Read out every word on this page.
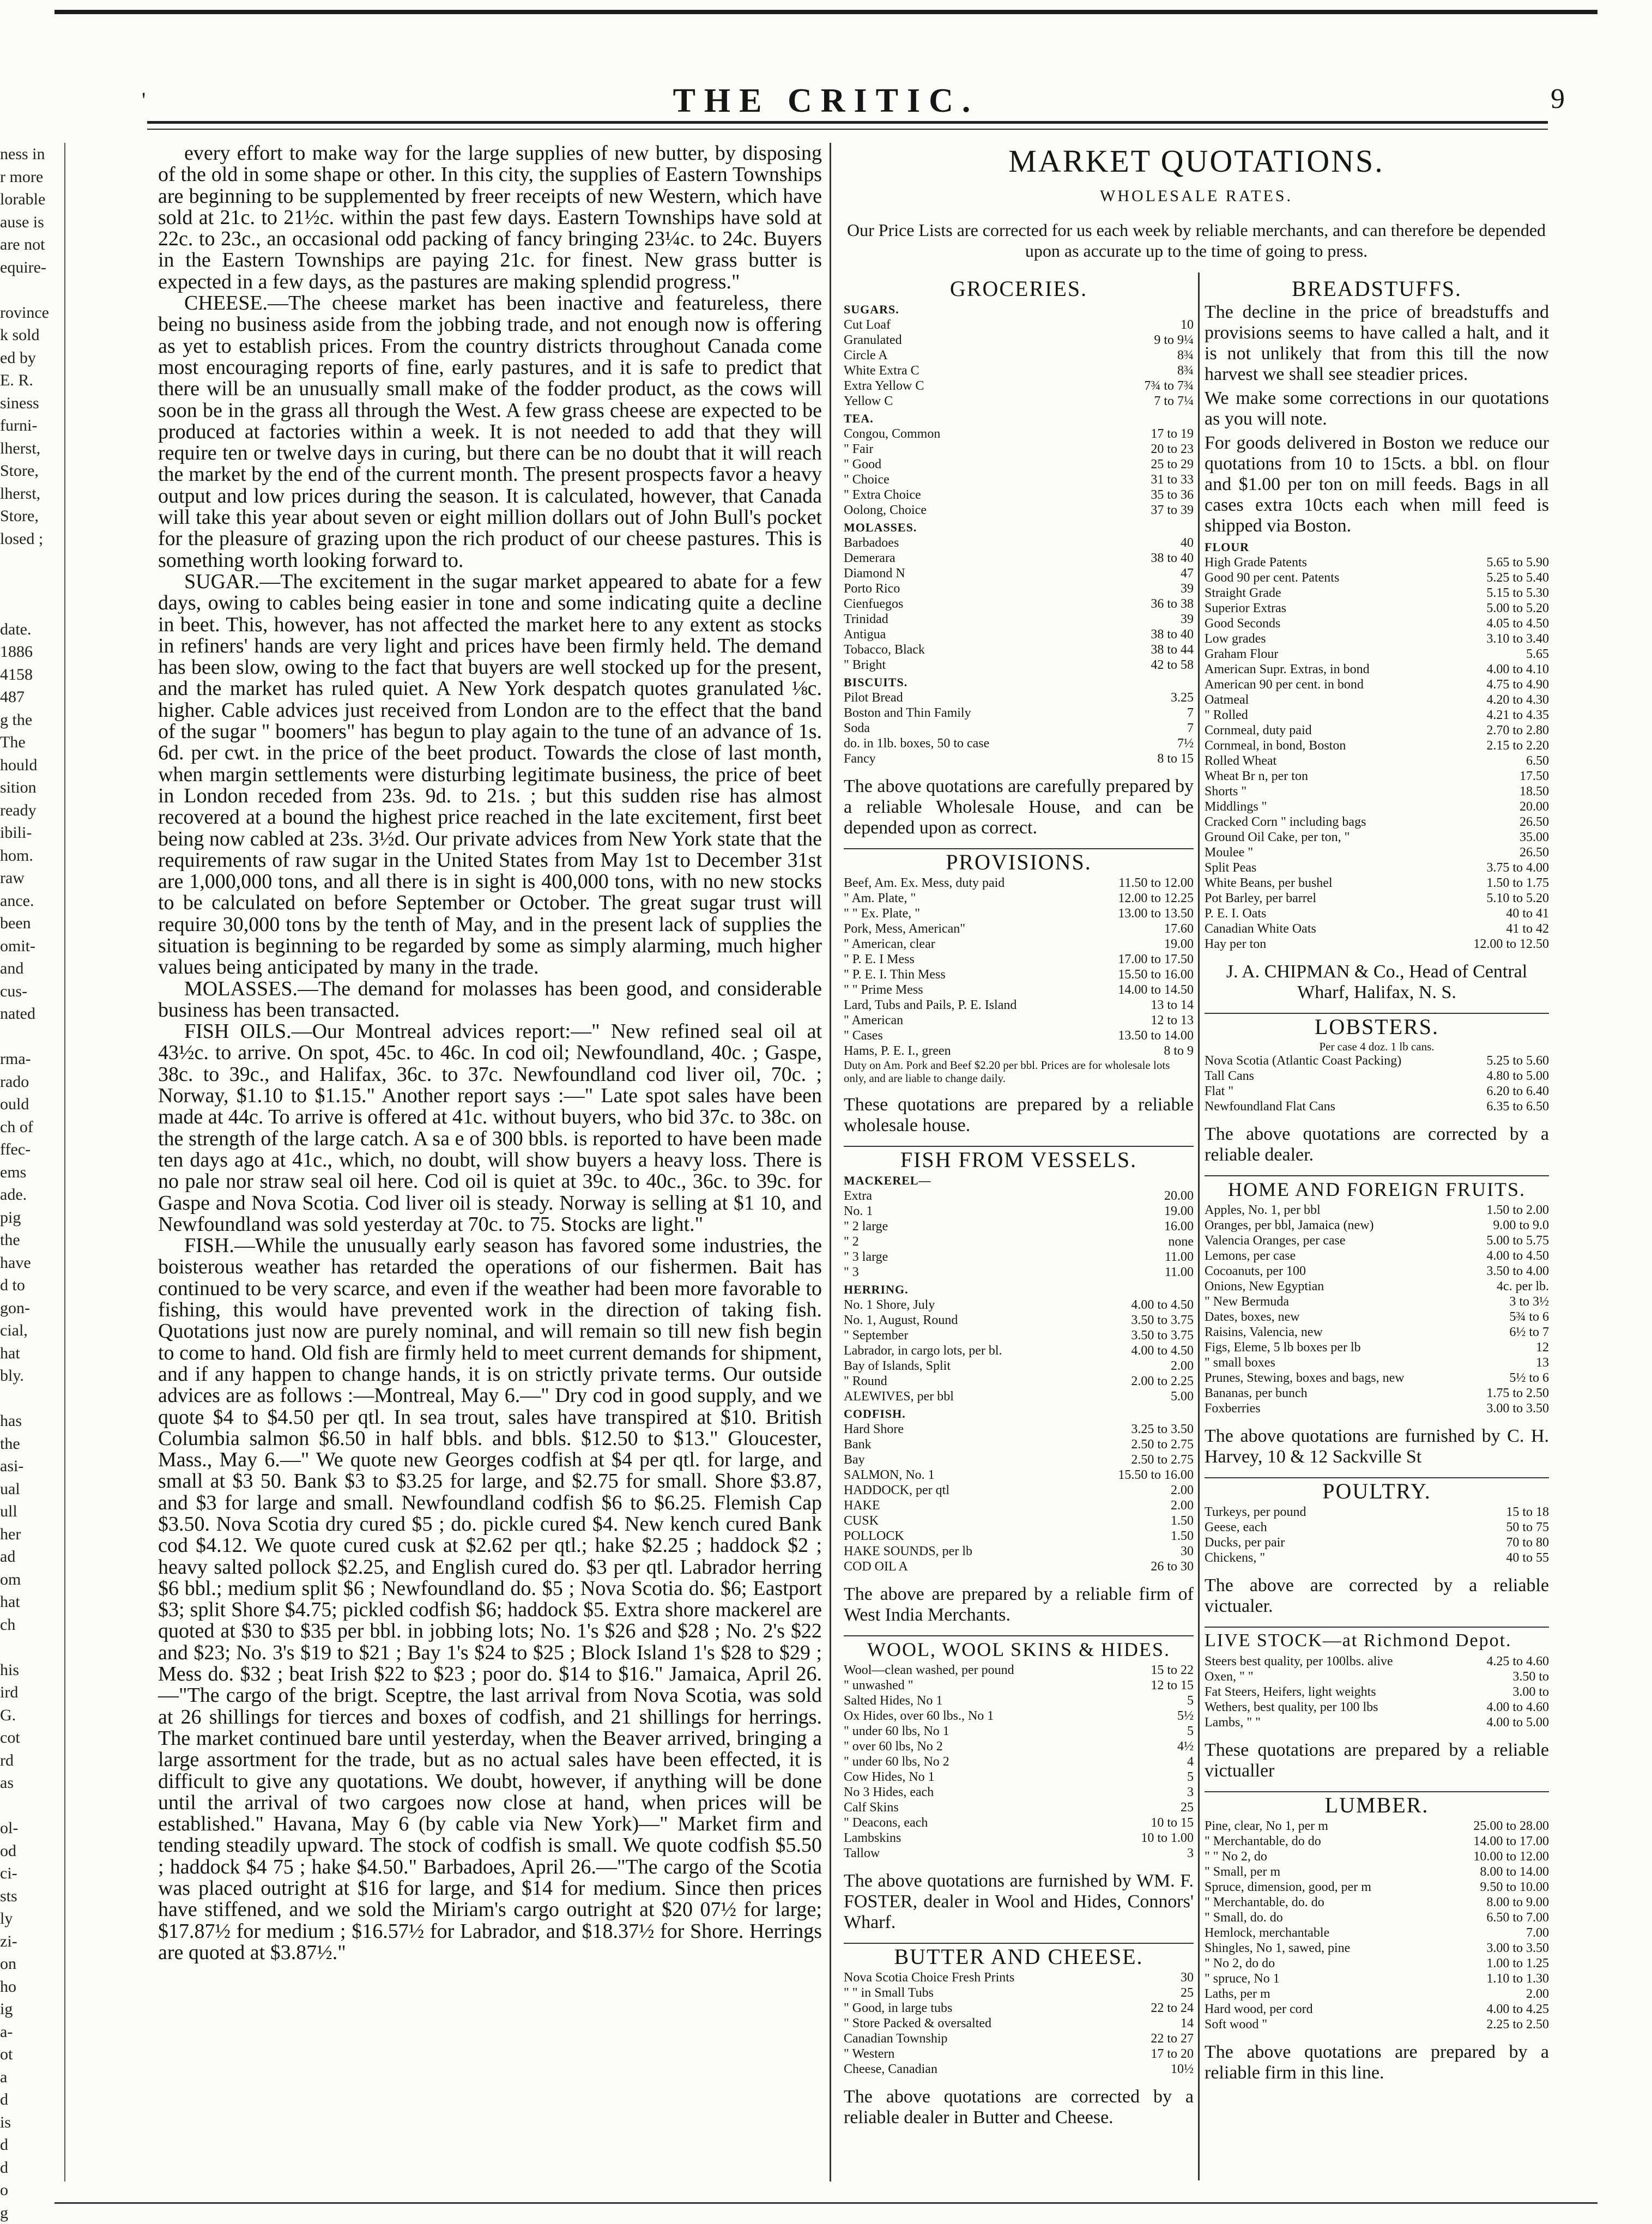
THE CRITIC.
'	9
ness in
r more
lorable
ause is
are not
equire-

rovince
k sold
ed by
E. R.
siness
furni-
lherst,
Store,
lherst,
Store,
losed ;

date.
1886
4158
487
g the
The
hould
sition
ready
ibili-
hom.
raw
ance.
been
omit-
and
cus-
nated

rma-
rado
ould
ch of
ffec-
ems
ade.
pig
the
have
d to
gon-
cial,
hat
bly.

has
the
asi-
ual
ull
her
ad
om
hat
ch

his
ird
G.
cot
rd
as

ol-
od
ci-
sts
ly
zi-
on
ho
ig
a-
ot
a
d
is
d
d
o
g

every effort to make way for the large supplies of new butter, by disposing of the old in some shape or other. In this city, the supplies of Eastern Townships are beginning to be supplemented by freer receipts of new Western, which have sold at 21c. to 21½c. within the past few days. Eastern Townships have sold at 22c. to 23c., an occasional odd packing of fancy bringing 23¼c. to 24c. Buyers in the Eastern Townships are paying 21c. for finest. New grass butter is expected in a few days, as the pastures are making splendid progress."

CHEESE.—The cheese market has been inactive and featureless, there being no business aside from the jobbing trade, and not enough now is offering as yet to establish prices. From the country districts throughout Canada come most encouraging reports of fine, early pastures, and it is safe to predict that there will be an unusually small make of the fodder product, as the cows will soon be in the grass all through the West. A few grass cheese are expected to be produced at factories within a week. It is not needed to add that they will require ten or twelve days in curing, but there can be no doubt that it will reach the market by the end of the current month. The present prospects favor a heavy output and low prices during the season. It is calculated, however, that Canada will take this year about seven or eight million dollars out of John Bull's pocket for the pleasure of grazing upon the rich product of our cheese pastures. This is something worth looking forward to.

SUGAR.—The excitement in the sugar market appeared to abate for a few days, owing to cables being easier in tone and some indicating quite a decline in beet. This, however, has not affected the market here to any extent as stocks in refiners' hands are very light and prices have been firmly held. The demand has been slow, owing to the fact that buyers are well stocked up for the present, and the market has ruled quiet. A New York despatch quotes granulated ⅛c. higher. Cable advices just received from London are to the effect that the band of the sugar " boomers" has begun to play again to the tune of an advance of 1s. 6d. per cwt. in the price of the beet product. Towards the close of last month, when margin settlements were disturbing legitimate business, the price of beet in London receded from 23s. 9d. to 21s. ; but this sudden rise has almost recovered at a bound the highest price reached in the late excitement, first beet being now cabled at 23s. 3½d. Our private advices from New York state that the requirements of raw sugar in the United States from May 1st to December 31st are 1,000,000 tons, and all there is in sight is 400,000 tons, with no new stocks to be calculated on before September or October. The great sugar trust will require 30,000 tons by the tenth of May, and in the present lack of supplies the situation is beginning to be regarded by some as simply alarming, much higher values being anticipated by many in the trade.

MOLASSES.—The demand for molasses has been good, and considerable business has been transacted.

FISH OILS.—Our Montreal advices report:—" New refined seal oil at 43½c. to arrive. On spot, 45c. to 46c. In cod oil; Newfoundland, 40c. ; Gaspe, 38c. to 39c., and Halifax, 36c. to 37c. Newfoundland cod liver oil, 70c. ; Norway, $1.10 to $1.15." Another report says :—" Late spot sales have been made at 44c. To arrive is offered at 41c. without buyers, who bid 37c. to 38c. on the strength of the large catch. A sa e of 300 bbls. is reported to have been made ten days ago at 41c., which, no doubt, will show buyers a heavy loss. There is no pale nor straw seal oil here. Cod oil is quiet at 39c. to 40c., 36c. to 39c. for Gaspe and Nova Scotia. Cod liver oil is steady. Norway is selling at $1 10, and Newfoundland was sold yesterday at 70c. to 75. Stocks are light."

FISH.—While the unusually early season has favored some industries, the boisterous weather has retarded the operations of our fishermen. Bait has continued to be very scarce, and even if the weather had been more favorable to fishing, this would have prevented work in the direction of taking fish. Quotations just now are purely nominal, and will remain so till new fish begin to come to hand. Old fish are firmly held to meet current demands for shipment, and if any happen to change hands, it is on strictly private terms. Our outside advices are as follows :—Montreal, May 6.—" Dry cod in good supply, and we quote $4 to $4.50 per qtl. In sea trout, sales have transpired at $10. British Columbia salmon $6.50 in half bbls. and bbls. $12.50 to $13." Gloucester, Mass., May 6.—" We quote new Georges codfish at $4 per qtl. for large, and small at $3 50. Bank $3 to $3.25 for large, and $2.75 for small. Shore $3.87, and $3 for large and small. Newfoundland codfish $6 to $6.25. Flemish Cap $3.50. Nova Scotia dry cured $5 ; do. pickle cured $4. New kench cured Bank cod $4.12. We quote cured cusk at $2.62 per qtl.; hake $2.25 ; haddock $2 ; heavy salted pollock $2.25, and English cured do. $3 per qtl. Labrador herring $6 bbl.; medium split $6 ; Newfoundland do. $5 ; Nova Scotia do. $6; Eastport $3; split Shore $4.75; pickled codfish $6; haddock $5. Extra shore mackerel are quoted at $30 to $35 per bbl. in jobbing lots; No. 1's $26 and $28 ; No. 2's $22 and $23; No. 3's $19 to $21 ; Bay 1's $24 to $25 ; Block Island 1's $28 to $29 ; Mess do. $32 ; beat Irish $22 to $23 ; poor do. $14 to $16." Jamaica, April 26.—"The cargo of the brigt. Sceptre, the last arrival from Nova Scotia, was sold at 26 shillings for tierces and boxes of codfish, and 21 shillings for herrings. The market continued bare until yesterday, when the Beaver arrived, bringing a large assortment for the trade, but as no actual sales have been effected, it is difficult to give any quotations. We doubt, however, if anything will be done until the arrival of two cargoes now close at hand, when prices will be established." Havana, May 6 (by cable via New York)—" Market firm and tending steadily upward. The stock of codfish is small. We quote codfish $5.50 ; haddock $4 75 ; hake $4.50." Barbadoes, April 26.—"The cargo of the Scotia was placed outright at $16 for large, and $14 for medium. Since then prices have stiffened, and we sold the Miriam's cargo outright at $20 07½ for large; $17.87½ for medium ; $16.57½ for Labrador, and $18.37½ for Shore. Herrings are quoted at $3.87½."

MARKET QUOTATIONS.
WHOLESALE RATES.
Our Price Lists are corrected for us each week by reliable merchants, and can therefore be depended upon as accurate up to the time of going to press.
GROCERIES.
SUGARS.
Cut Loaf	10
Granulated	9 to 9¼
Circle A	8¾
White Extra C	8¾
Extra Yellow C	7¾ to 7¾
Yellow C	7 to 7¼
TEA.
Congou, Common	17 to 19
" Fair	20 to 23
" Good	25 to 29
" Choice	31 to 33
" Extra Choice	35 to 36
Oolong, Choice	37 to 39
MOLASSES.
Barbadoes	40
Demerara	38 to 40
Diamond N	47
Porto Rico	39
Cienfuegos	36 to 38
Trinidad	39
Antigua	38 to 40
Tobacco, Black	38 to 44
" Bright	42 to 58
BISCUITS.
Pilot Bread	3.25
Boston and Thin Family	7
Soda	7
do. in 1lb. boxes, 50 to case	7½
Fancy	8 to 15
The above quotations are carefully prepared by a reliable Wholesale House, and can be depended upon as correct.
PROVISIONS.
Beef, Am. Ex. Mess, duty paid	11.50 to 12.00
" Am. Plate, "	12.00 to 12.25
" " Ex. Plate, "	13.00 to 13.50
Pork, Mess, American"	17.60
" American, clear	19.00
" P. E. I Mess	17.00 to 17.50
" P. E. I. Thin Mess	15.50 to 16.00
" " Prime Mess	14.00 to 14.50
Lard, Tubs and Pails, P. E. Island	13 to 14
" American	12 to 13
" Cases	13.50 to 14.00
Hams, P. E. I., green	8 to 9
Duty on Am. Pork and Beef $2.20 per bbl. Prices are for wholesale lots only, and are liable to change daily.
These quotations are prepared by a reliable wholesale house.
FISH FROM VESSELS.
MACKEREL—
Extra	20.00
No. 1	19.00
" 2 large	16.00
" 2	none
" 3 large	11.00
" 3	11.00
HERRING.
No. 1 Shore, July	4.00 to 4.50
No. 1, August, Round	3.50 to 3.75
" September	3.50 to 3.75
Labrador, in cargo lots, per bl.	4.00 to 4.50
Bay of Islands, Split	2.00
" Round	2.00 to 2.25
ALEWIVES, per bbl	5.00
CODFISH.
Hard Shore	3.25 to 3.50
Bank	2.50 to 2.75
Bay	2.50 to 2.75
SALMON, No. 1	15.50 to 16.00
HADDOCK, per qtl	2.00
HAKE	2.00
CUSK	1.50
POLLOCK	1.50
HAKE SOUNDS, per lb	30
COD OIL A	26 to 30
The above are prepared by a reliable firm of West India Merchants.
WOOL, WOOL SKINS & HIDES.
Wool—clean washed, per pound	15 to 22
" unwashed "	12 to 15
Salted Hides, No 1	5
Ox Hides, over 60 lbs., No 1	5½
" under 60 lbs, No 1	5
" over 60 lbs, No 2	4½
" under 60 lbs, No 2	4
Cow Hides, No 1	5
No 3 Hides, each	3
Calf Skins	25
" Deacons, each	10 to 15
Lambskins	10 to 1.00
Tallow	3
The above quotations are furnished by WM. F. FOSTER, dealer in Wool and Hides, Connors' Wharf.
BUTTER AND CHEESE.
Nova Scotia Choice Fresh Prints	30
" " in Small Tubs	25
" Good, in large tubs	22 to 24
" Store Packed & oversalted	14
Canadian Township	22 to 27
" Western	17 to 20
Cheese, Canadian	10½
The above quotations are corrected by a reliable dealer in Butter and Cheese.
BREADSTUFFS.
The decline in the price of breadstuffs and provisions seems to have called a halt, and it is not unlikely that from this till the now harvest we shall see steadier prices.
We make some corrections in our quotations as you will note.
For goods delivered in Boston we reduce our quotations from 10 to 15cts. a bbl. on flour and $1.00 per ton on mill feeds. Bags in all cases extra 10cts each when mill feed is shipped via Boston.
FLOUR
High Grade Patents	5.65 to 5.90
Good 90 per cent. Patents	5.25 to 5.40
Straight Grade	5.15 to 5.30
Superior Extras	5.00 to 5.20
Good Seconds	4.05 to 4.50
Low grades	3.10 to 3.40
Graham Flour	5.65
American Supr. Extras, in bond	4.00 to 4.10
American 90 per cent. in bond	4.75 to 4.90
Oatmeal	4.20 to 4.30
" Rolled	4.21 to 4.35
Cornmeal, duty paid	2.70 to 2.80
Cornmeal, in bond, Boston	2.15 to 2.20
Rolled Wheat	6.50
Wheat Br n, per ton	17.50
Shorts "	18.50
Middlings "	20.00
Cracked Corn " including bags	26.50
Ground Oil Cake, per ton, "	35.00
Moulee "	26.50
Split Peas	3.75 to 4.00
White Beans, per bushel	1.50 to 1.75
Pot Barley, per barrel	5.10 to 5.20
P. E. I. Oats	40 to 41
Canadian White Oats	41 to 42
Hay per ton	12.00 to 12.50
J. A. CHIPMAN & Co., Head of Central Wharf, Halifax, N. S.
LOBSTERS.
Per case 4 doz. 1 lb cans.
Nova Scotia (Atlantic Coast Packing)	5.25 to 5.60
Tall Cans	4.80 to 5.00
Flat "	6.20 to 6.40
Newfoundland Flat Cans	6.35 to 6.50
The above quotations are corrected by a reliable dealer.
HOME AND FOREIGN FRUITS.
Apples, No. 1, per bbl	1.50 to 2.00
Oranges, per bbl, Jamaica (new)	9.00 to 9.0
Valencia Oranges, per case	5.00 to 5.75
Lemons, per case	4.00 to 4.50
Cocoanuts, per 100	3.50 to 4.00
Onions, New Egyptian	4c. per lb.
" New Bermuda	3 to 3½
Dates, boxes, new	5¾ to 6
Raisins, Valencia, new	6½ to 7
Figs, Eleme, 5 lb boxes per lb	12
" small boxes	13
Prunes, Stewing, boxes and bags, new	5½ to 6
Bananas, per bunch	1.75 to 2.50
Foxberries	3.00 to 3.50
The above quotations are furnished by C. H. Harvey, 10 & 12 Sackville St
POULTRY.
Turkeys, per pound	15 to 18
Geese, each	50 to 75
Ducks, per pair	70 to 80
Chickens, "	40 to 55
The above are corrected by a reliable victualer.
LIVE STOCK—at Richmond Depot.
Steers best quality, per 100lbs. alive	4.25 to 4.60
Oxen, " "	3.50 to
Fat Steers, Heifers, light weights	3.00 to
Wethers, best quality, per 100 lbs	4.00 to 4.60
Lambs, " "	4.00 to 5.00
These quotations are prepared by a reliable victualler
LUMBER.
Pine, clear, No 1, per m	25.00 to 28.00
" Merchantable, do do	14.00 to 17.00
" " No 2, do	10.00 to 12.00
" Small, per m	8.00 to 14.00
Spruce, dimension, good, per m	9.50 to 10.00
" Merchantable, do. do	8.00 to 9.00
" Small, do. do	6.50 to 7.00
Hemlock, merchantable	7.00
Shingles, No 1, sawed, pine	3.00 to 3.50
" No 2, do do	1.00 to 1.25
" spruce, No 1	1.10 to 1.30
Laths, per m	2.00
Hard wood, per cord	4.00 to 4.25
Soft wood "	2.25 to 2.50
The above quotations are prepared by a reliable firm in this line.
